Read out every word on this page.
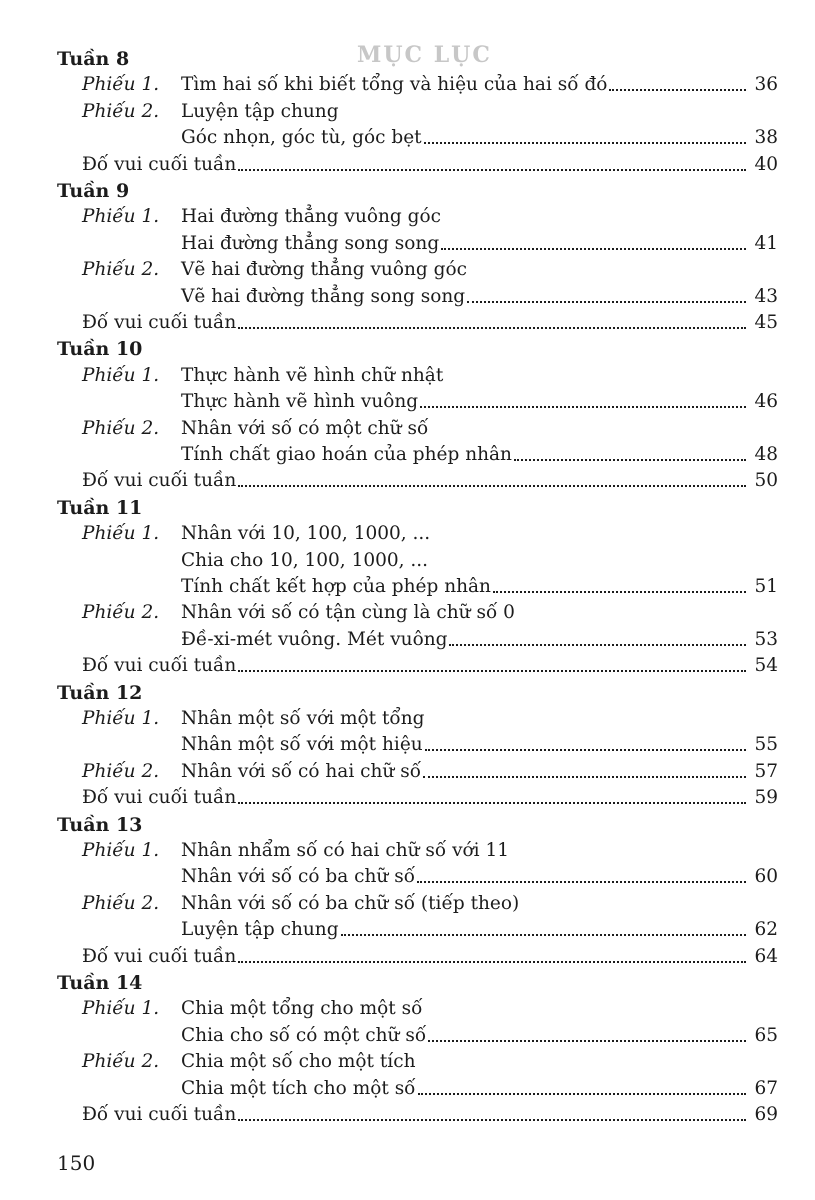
MỤC LỤC
Tuần 8
Phiếu 1. Tìm hai số khi biết tổng và hiệu của hai số đó	36
Phiếu 2. Luyện tập chung
Góc nhọn, góc tù, góc bẹt	38
Đố vui cuối tuần	40
Tuần 9
Phiếu 1. Hai đường thẳng vuông góc
Hai đường thẳng song song	41
Phiếu 2. Vẽ hai đường thẳng vuông góc
Vẽ hai đường thẳng song song	43
Đố vui cuối tuần	45
Tuần 10
Phiếu 1. Thực hành vẽ hình chữ nhật
Thực hành vẽ hình vuông	46
Phiếu 2. Nhân với số có một chữ số
Tính chất giao hoán của phép nhân	48
Đố vui cuối tuần	50
Tuần 11
Phiếu 1. Nhân với 10, 100, 1000, ...
Chia cho 10, 100, 1000, ...
Tính chất kết hợp của phép nhân	51
Phiếu 2. Nhân với số có tận cùng là chữ số 0
Đề-xi-mét vuông. Mét vuông	53
Đố vui cuối tuần	54
Tuần 12
Phiếu 1. Nhân một số với một tổng
Nhân một số với một hiệu	55
Phiếu 2. Nhân với số có hai chữ số	57
Đố vui cuối tuần	59
Tuần 13
Phiếu 1. Nhân nhẩm số có hai chữ số với 11
Nhân với số có ba chữ số	60
Phiếu 2. Nhân với số có ba chữ số (tiếp theo)
Luyện tập chung	62
Đố vui cuối tuần	64
Tuần 14
Phiếu 1. Chia một tổng cho một số
Chia cho số có một chữ số	65
Phiếu 2. Chia một số cho một tích
Chia một tích cho một số	67
Đố vui cuối tuần	69
150
